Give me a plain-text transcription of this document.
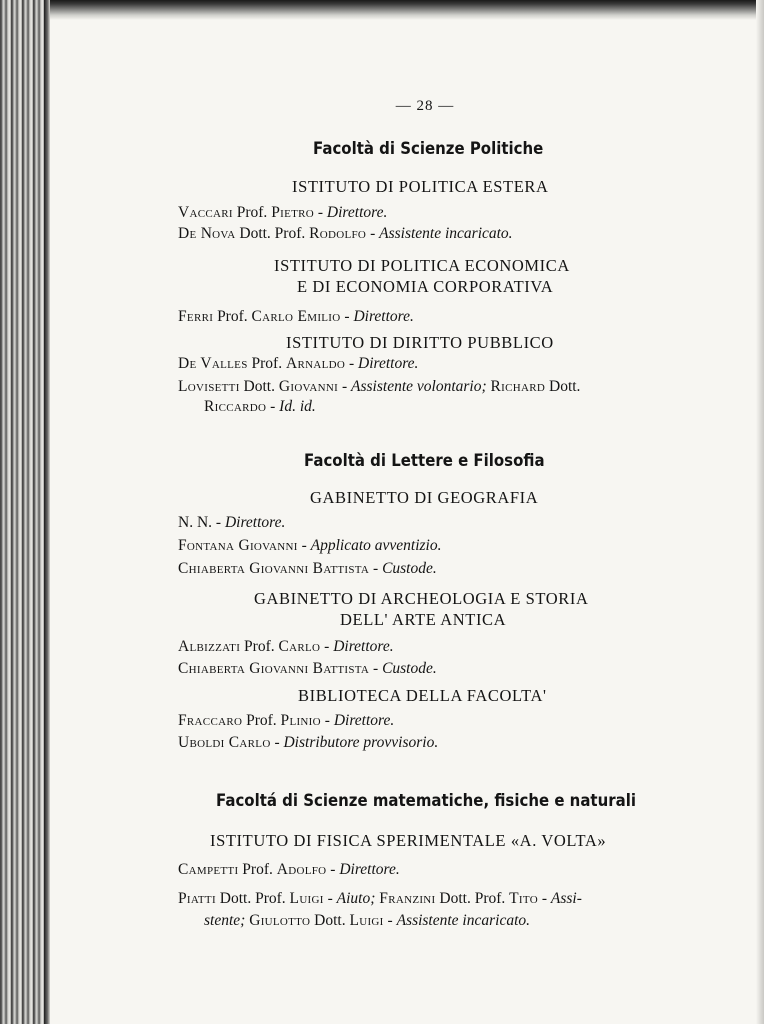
— 28 —
Facoltà di Scienze Politiche
ISTITUTO DI POLITICA ESTERA
Vaccari Prof. Pietro - Direttore.
De Nova Dott. Prof. Rodolfo - Assistente incaricato.
ISTITUTO DI POLITICA ECONOMICA
E DI ECONOMIA CORPORATIVA
Ferri Prof. Carlo Emilio - Direttore.
ISTITUTO DI DIRITTO PUBBLICO
De Valles Prof. Arnaldo - Direttore.
Lovisetti Dott. Giovanni - Assistente volontario; Richard Dott.
Riccardo - Id. id.
Facoltà di Lettere e Filosofia
GABINETTO DI GEOGRAFIA
N. N. - Direttore.
Fontana Giovanni - Applicato avventizio.
Chiaberta Giovanni Battista - Custode.
GABINETTO DI ARCHEOLOGIA E STORIA
DELL' ARTE ANTICA
Albizzati Prof. Carlo - Direttore.
Chiaberta Giovanni Battista - Custode.
BIBLIOTECA DELLA FACOLTA'
Fraccaro Prof. Plinio - Direttore.
Uboldi Carlo - Distributore provvisorio.
Facoltá di Scienze matematiche, fisiche e naturali
ISTITUTO DI FISICA SPERIMENTALE «A. VOLTA»
Campetti Prof. Adolfo - Direttore.
Piatti Dott. Prof. Luigi - Aiuto; Franzini Dott. Prof. Tito - Assi-
stente; Giulotto Dott. Luigi - Assistente incaricato.
